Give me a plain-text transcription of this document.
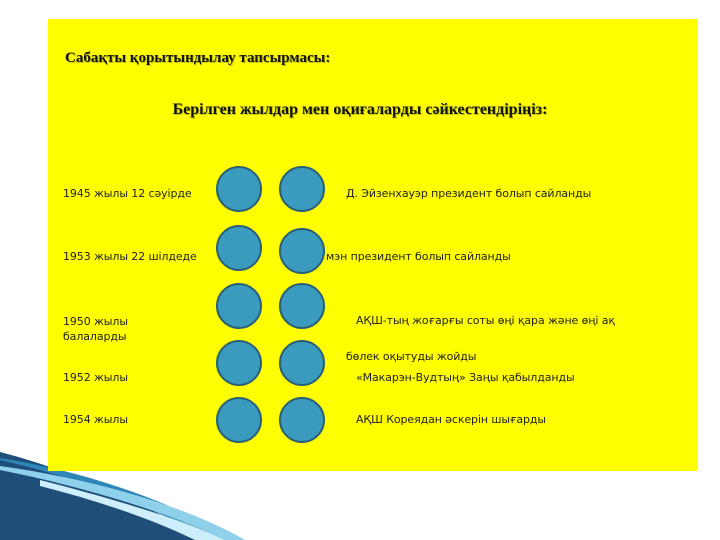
Сабақты қорытындылау тапсырмасы:
Берілген жылдар мен оқиғаларды сәйкестендіріңіз:
1945 жылы 12 сәуірде
1953 жылы 22 шілдеде
1950 жылы
1952 жылы
1954 жылы
Д. Эйзенхауэр президент болып сайланды
мэн президент болып сайланды
АҚШ-тың жоғарғы соты өңі қара және өңі ақ
балаларды
бөлек оқытуды жойды
«Макарэн-Вудтың» Заңы қабылданды
АҚШ Кореядан әскерін шығарды
